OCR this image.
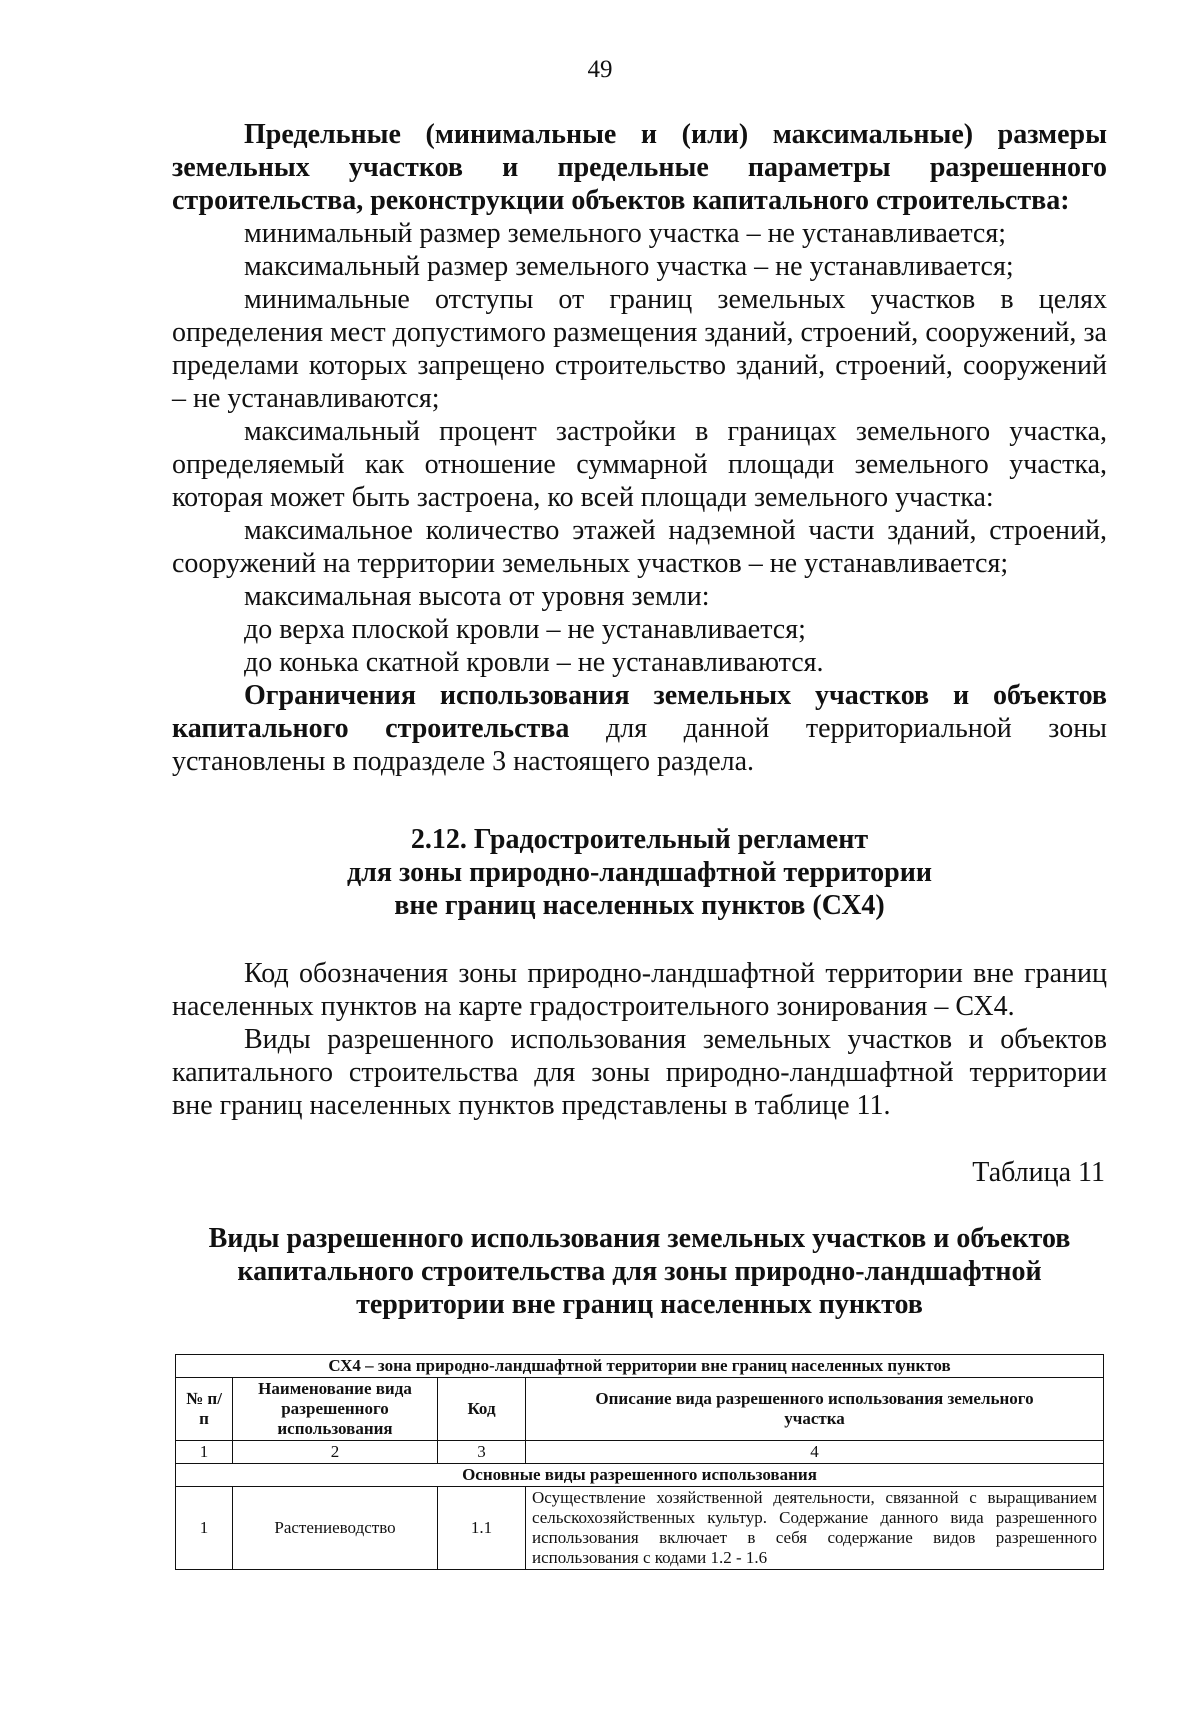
49

Предельные (минимальные и (или) максимальные) размеры земельных участков и предельные параметры разрешенного строительства, реконструкции объектов капитального строительства:

минимальный размер земельного участка – не устанавливается;

максимальный размер земельного участка – не устанавливается;

минимальные отступы от границ земельных участков в целях определения мест допустимого размещения зданий, строений, сооружений, за пределами которых запрещено строительство зданий, строений, сооружений – не устанавливаются;

максимальный процент застройки в границах земельного участка, определяемый как отношение суммарной площади земельного участка, которая может быть застроена, ко всей площади земельного участка:

максимальное количество этажей надземной части зданий, строений, сооружений на территории земельных участков – не устанавливается;

максимальная высота от уровня земли:

до верха плоской кровли – не устанавливается;

до конька скатной кровли – не устанавливаются.

Ограничения использования земельных участков и объектов капитального строительства для данной территориальной зоны установлены в подразделе 3 настоящего раздела.

2.12. Градостроительный регламент
для зоны природно-ландшафтной территории
вне границ населенных пунктов (СХ4)

Код обозначения зоны природно-ландшафтной территории вне границ населенных пунктов на карте градостроительного зонирования – СХ4.

Виды разрешенного использования земельных участков и объектов капитального строительства для зоны природно-ландшафтной территории вне границ населенных пунктов представлены в таблице 11.

Таблица 11
Виды разрешенного использования земельных участков и объектов
капитального строительства для зоны природно-ландшафтной
территории вне границ населенных пунктов
СХ4 – зона природно-ландшафтной территории вне границ населенных пунктов			
№ п/п	Наименование вида разрешенного использования	Код	Описание вида разрешенного использования земельного участка
1	2	3	4
Основные виды разрешенного использования			
1	Растениеводство	1.1	Осуществление хозяйственной деятельности, связанной с выращиванием сельскохозяйственных культур. Содержание данного вида разрешенного использования включает в себя содержание видов разрешенного использования с кодами 1.2 - 1.6
